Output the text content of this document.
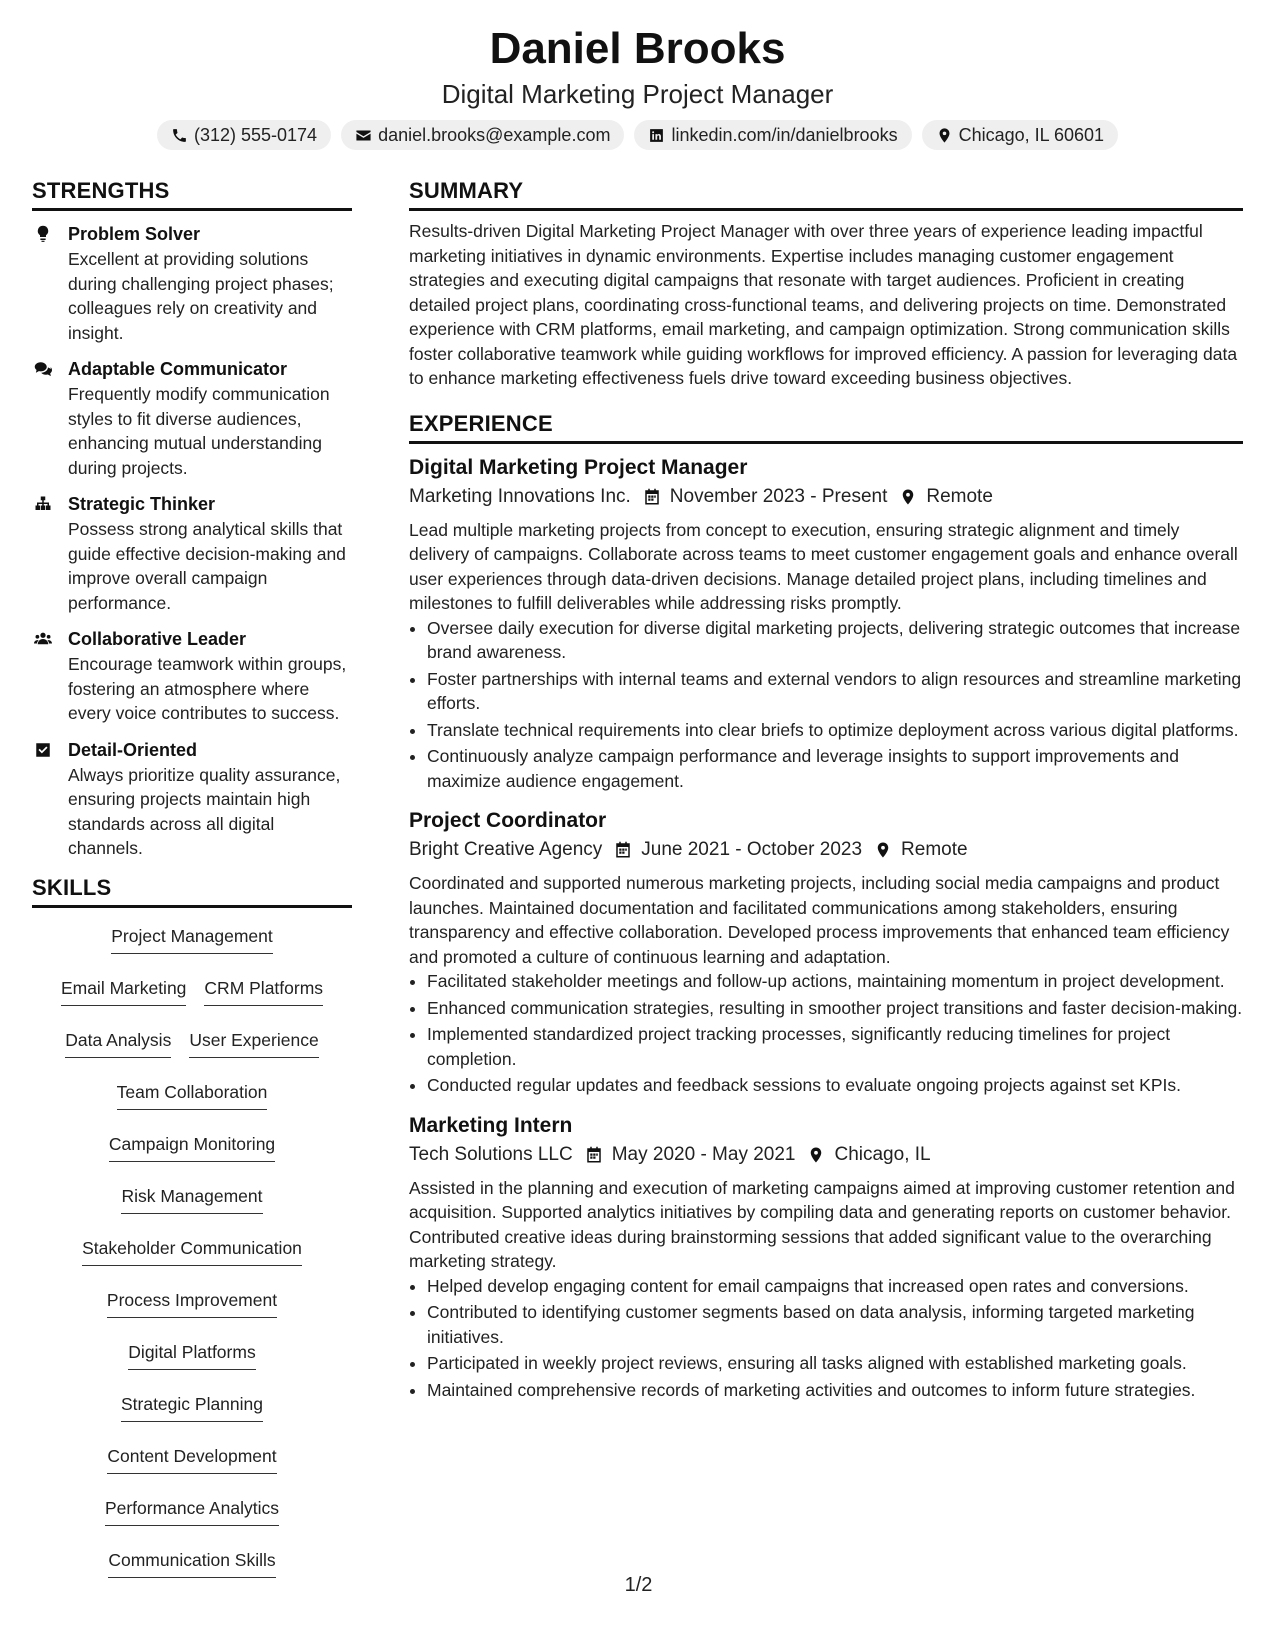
Daniel Brooks
Digital Marketing Project Manager
(312) 555-0174	daniel.brooks@example.com	linkedin.com/in/danielbrooks	Chicago, IL 60601
STRENGTHS
Problem Solver
Excellent at providing solutions during challenging project phases; colleagues rely on creativity and insight.
Adaptable Communicator
Frequently modify communication styles to fit diverse audiences, enhancing mutual understanding during projects.
Strategic Thinker
Possess strong analytical skills that guide effective decision-making and improve overall campaign performance.
Collaborative Leader
Encourage teamwork within groups, fostering an atmosphere where every voice contributes to success.
Detail-Oriented
Always prioritize quality assurance, ensuring projects maintain high standards across all digital channels.
SKILLS
Project Management
Email Marketing CRM Platforms
Data Analysis User Experience
Team Collaboration
Campaign Monitoring
Risk Management
Stakeholder Communication
Process Improvement
Digital Platforms
Strategic Planning
Content Development
Performance Analytics
Communication Skills
SUMMARY
Results-driven Digital Marketing Project Manager with over three years of experience leading impactful marketing initiatives in dynamic environments. Expertise includes managing customer engagement strategies and executing digital campaigns that resonate with target audiences. Proficient in creating detailed project plans, coordinating cross-functional teams, and delivering projects on time. Demonstrated experience with CRM platforms, email marketing, and campaign optimization. Strong communication skills foster collaborative teamwork while guiding workflows for improved efficiency. A passion for leveraging data to enhance marketing effectiveness fuels drive toward exceeding business objectives.
EXPERIENCE
Digital Marketing Project Manager
Marketing Innovations Inc. November 2023 - Present Remote
Lead multiple marketing projects from concept to execution, ensuring strategic alignment and timely delivery of campaigns. Collaborate across teams to meet customer engagement goals and enhance overall user experiences through data-driven decisions. Manage detailed project plans, including timelines and milestones to fulfill deliverables while addressing risks promptly.
• Oversee daily execution for diverse digital marketing projects, delivering strategic outcomes that increase brand awareness.
• Foster partnerships with internal teams and external vendors to align resources and streamline marketing efforts.
• Translate technical requirements into clear briefs to optimize deployment across various digital platforms.
• Continuously analyze campaign performance and leverage insights to support improvements and maximize audience engagement.
Project Coordinator
Bright Creative Agency June 2021 - October 2023 Remote
Coordinated and supported numerous marketing projects, including social media campaigns and product launches. Maintained documentation and facilitated communications among stakeholders, ensuring transparency and effective collaboration. Developed process improvements that enhanced team efficiency and promoted a culture of continuous learning and adaptation.
• Facilitated stakeholder meetings and follow-up actions, maintaining momentum in project development.
• Enhanced communication strategies, resulting in smoother project transitions and faster decision-making.
• Implemented standardized project tracking processes, significantly reducing timelines for project completion.
• Conducted regular updates and feedback sessions to evaluate ongoing projects against set KPIs.
Marketing Intern
Tech Solutions LLC May 2020 - May 2021 Chicago, IL
Assisted in the planning and execution of marketing campaigns aimed at improving customer retention and acquisition. Supported analytics initiatives by compiling data and generating reports on customer behavior. Contributed creative ideas during brainstorming sessions that added significant value to the overarching marketing strategy.
• Helped develop engaging content for email campaigns that increased open rates and conversions.
• Contributed to identifying customer segments based on data analysis, informing targeted marketing initiatives.
• Participated in weekly project reviews, ensuring all tasks aligned with established marketing goals.
• Maintained comprehensive records of marketing activities and outcomes to inform future strategies.
1/2
